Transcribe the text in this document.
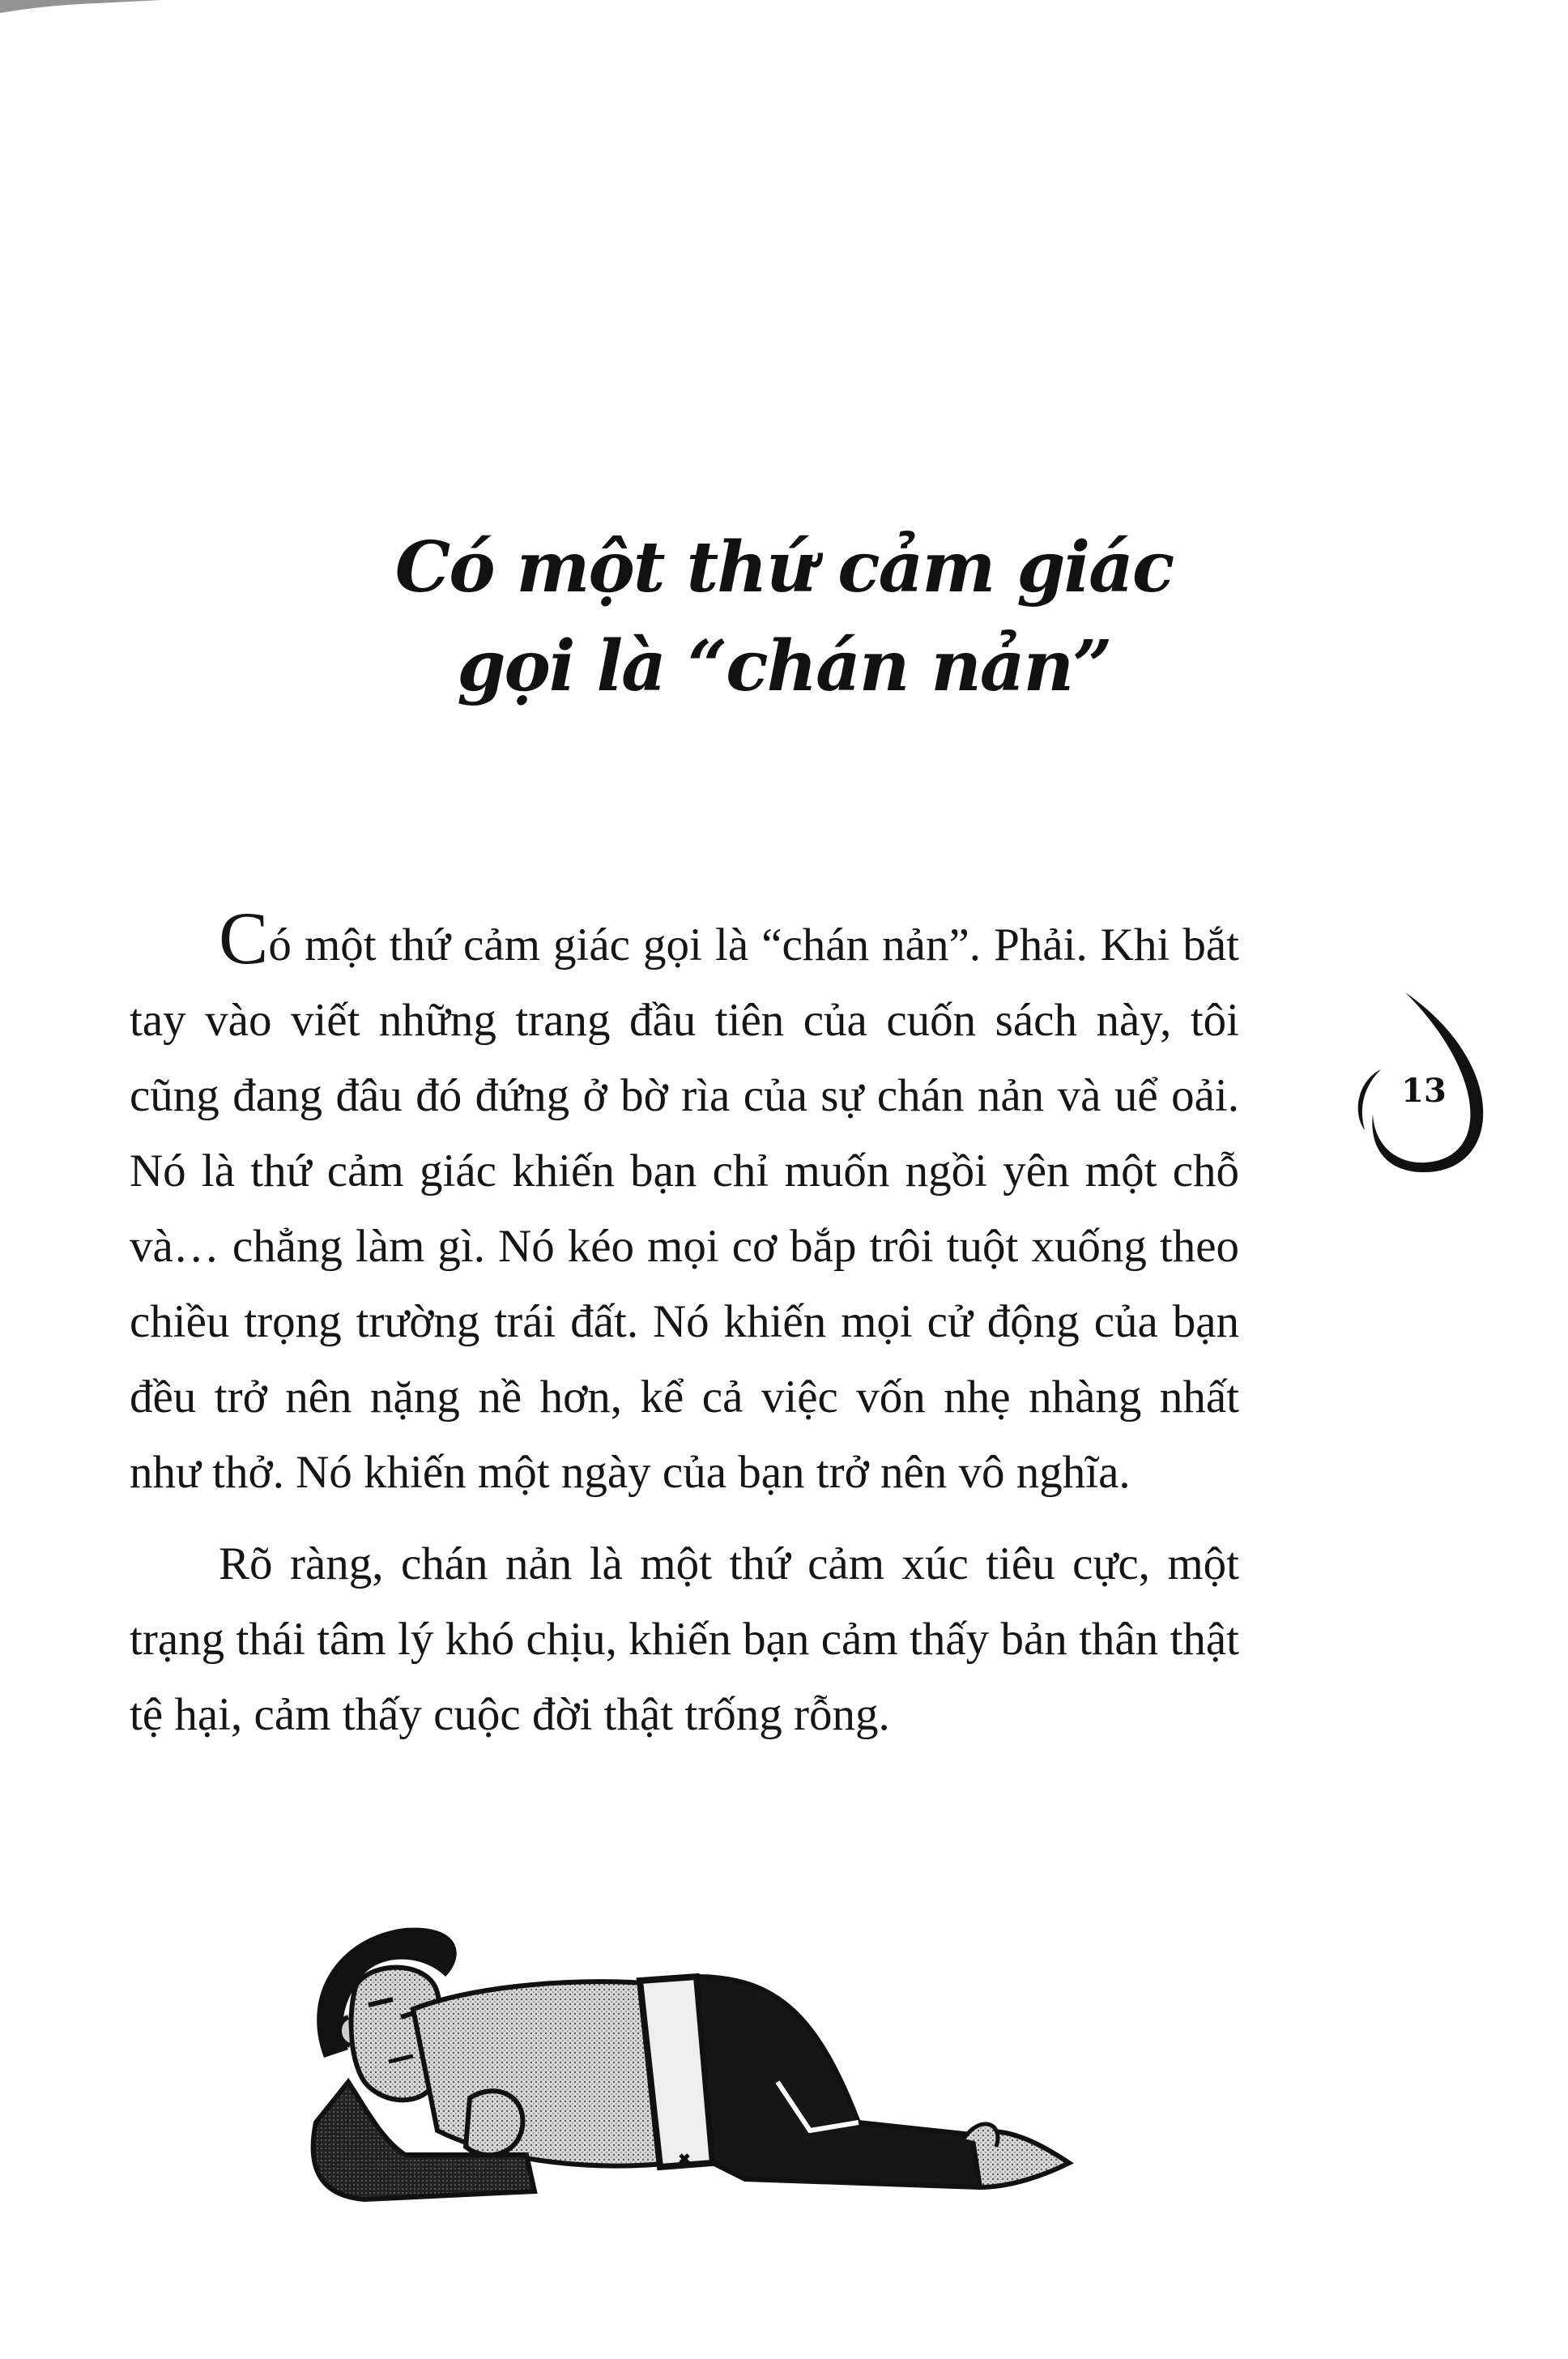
Có một thứ cảm giác
gọi là “chán nản”

Có một thứ cảm giác gọi là “chán nản”. Phải. Khi bắt tay vào viết những trang đầu tiên của cuốn sách này, tôi cũng đang đâu đó đứng ở bờ rìa của sự chán nản và uể oải. Nó là thứ cảm giác khiến bạn chỉ muốn ngồi yên một chỗ và… chẳng làm gì. Nó kéo mọi cơ bắp trôi tuột xuống theo chiều trọng trường trái đất. Nó khiến mọi cử động của bạn đều trở nên nặng nề hơn, kể cả việc vốn nhẹ nhàng nhất như thở. Nó khiến một ngày của bạn trở nên vô nghĩa.

Rõ ràng, chán nản là một thứ cảm xúc tiêu cực, một trạng thái tâm lý khó chịu, khiến bạn cảm thấy bản thân thật tệ hại, cảm thấy cuộc đời thật trống rỗng.

13
